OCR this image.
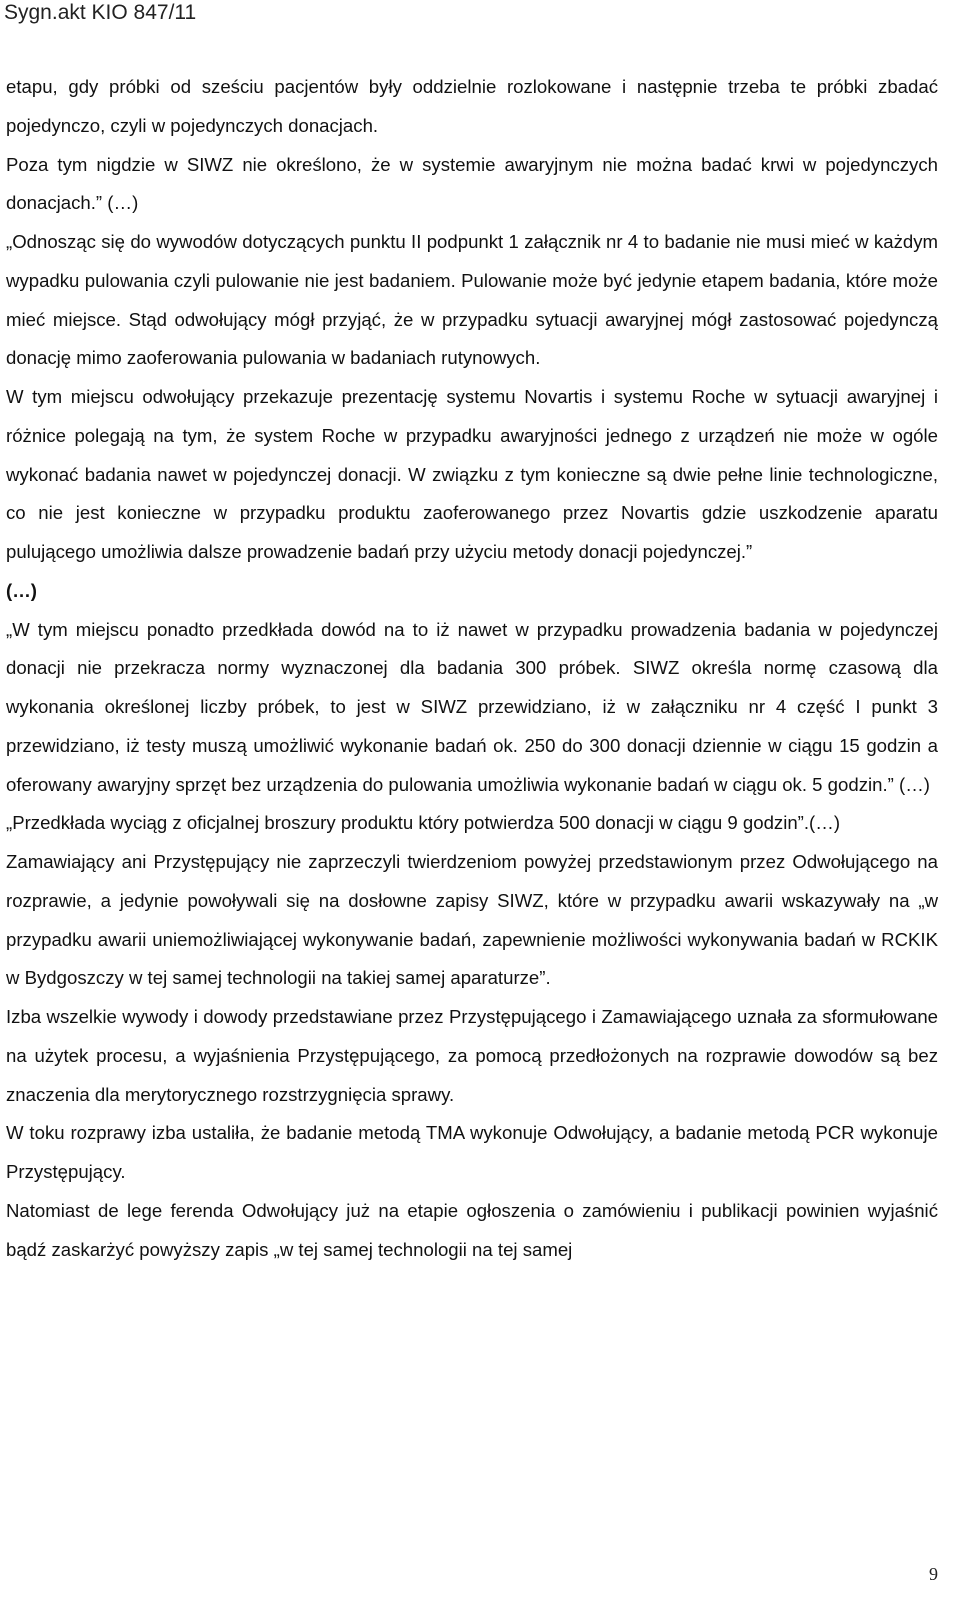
Sygn.akt KIO 847/11

etapu, gdy próbki od sześciu pacjentów były oddzielnie rozlokowane i następnie trzeba te próbki zbadać pojedynczo, czyli w pojedynczych donacjach.

Poza tym nigdzie w SIWZ nie określono, że w systemie awaryjnym nie można badać krwi w pojedynczych donacjach.” (…)

„Odnosząc się do wywodów dotyczących punktu II podpunkt 1 załącznik nr 4 to badanie nie musi mieć w każdym wypadku pulowania czyli pulowanie nie jest badaniem. Pulowanie może być jedynie etapem badania, które może mieć miejsce. Stąd odwołujący mógł przyjąć, że w przypadku sytuacji awaryjnej mógł zastosować pojedynczą donację mimo zaoferowania pulowania w badaniach rutynowych.

W tym miejscu odwołujący przekazuje prezentację systemu Novartis i systemu Roche w sytuacji awaryjnej i różnice polegają na tym, że system Roche w przypadku awaryjności jednego z urządzeń nie może w ogóle wykonać badania nawet w pojedynczej donacji. W związku z tym konieczne są dwie pełne linie technologiczne, co nie jest konieczne w przypadku produktu zaoferowanego przez Novartis gdzie uszkodzenie aparatu pulującego umożliwia dalsze prowadzenie badań przy użyciu metody donacji pojedynczej.”

(…)

„W tym miejscu ponadto przedkłada dowód na to iż nawet w przypadku prowadzenia badania w pojedynczej donacji nie przekracza normy wyznaczonej dla badania 300 próbek. SIWZ określa normę czasową dla wykonania określonej liczby próbek, to jest w SIWZ przewidziano, iż w załączniku nr 4 część I punkt 3 przewidziano, iż testy muszą umożliwić wykonanie badań ok. 250 do 300 donacji dziennie w ciągu 15 godzin a oferowany awaryjny sprzęt bez urządzenia do pulowania umożliwia wykonanie badań w ciągu ok. 5 godzin.” (…)

„Przedkłada wyciąg z oficjalnej broszury produktu który potwierdza 500 donacji w ciągu 9 godzin”.(…)

Zamawiający ani Przystępujący nie zaprzeczyli twierdzeniom powyżej przedstawionym przez Odwołującego na rozprawie, a jedynie powoływali się na dosłowne zapisy SIWZ, które w przypadku awarii wskazywały na „w przypadku awarii uniemożliwiającej wykonywanie badań, zapewnienie możliwości wykonywania badań w RCKIK w Bydgoszczy w tej samej technologii na takiej samej aparaturze”.

Izba wszelkie wywody i dowody przedstawiane przez Przystępującego i Zamawiającego uznała za sformułowane na użytek procesu, a wyjaśnienia Przystępującego, za pomocą przedłożonych na rozprawie dowodów są bez znaczenia dla merytorycznego rozstrzygnięcia sprawy.

W toku rozprawy izba ustaliła, że badanie metodą TMA wykonuje Odwołujący, a badanie metodą PCR wykonuje Przystępujący.

Natomiast de lege ferenda Odwołujący już na etapie ogłoszenia o zamówieniu i publikacji powinien wyjaśnić bądź zaskarżyć powyższy zapis „w tej samej technologii na tej samej

9
